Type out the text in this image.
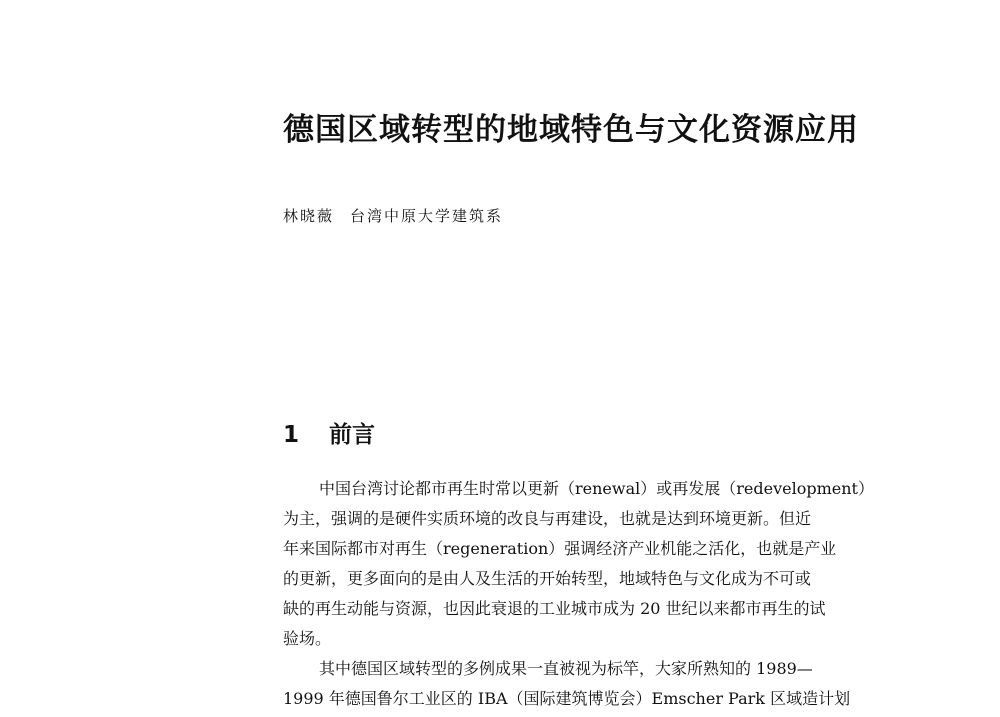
德国区域转型的地域特色与文化资源应用
林晓薇 台湾中原大学建筑系
1 前言
中国台湾讨论都市再生时常以更新（renewal）或再发展（redevelopment）
为主，强调的是硬件实质环境的改良与再建设，也就是达到环境更新。但近
年来国际都市对再生（regeneration）强调经济产业机能之活化，也就是产业
的更新，更多面向的是由人及生活的开始转型，地域特色与文化成为不可或
缺的再生动能与资源，也因此衰退的工业城市成为 20 世纪以来都市再生的试
验场。
其中德国区域转型的多例成果一直被视为标竿，大家所熟知的 1989—
1999 年德国鲁尔工业区的 IBA（国际建筑博览会）Emscher Park 区域造计划
